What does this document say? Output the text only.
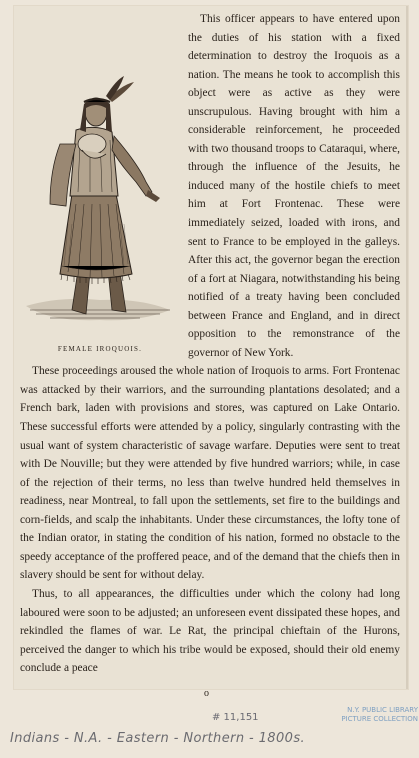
FEMALE IROQUOIS.

This officer appears to have entered upon the duties of his station with a fixed determination to destroy the Iroquois as a nation. The means he took to accomplish this object were as active as they were unscrupulous. Having brought with him a considerable reinforcement, he proceeded with two thousand troops to Cataraqui, where, through the influence of the Jesuits, he induced many of the hostile chiefs to meet him at Fort Frontenac. These were immediately seized, loaded with irons, and sent to France to be employed in the galleys. After this act, the governor began the erection of a fort at Niagara, notwithstanding his being notified of a treaty having been concluded between France and England, and in direct opposition to the remonstrance of the governor of New York.

These proceedings aroused the whole nation of Iroquois to arms. Fort Frontenac was attacked by their warriors, and the surrounding plantations desolated; and a French bark, laden with provisions and stores, was captured on Lake Ontario. These successful efforts were attended by a policy, singularly contrasting with the usual want of system characteristic of savage warfare. Deputies were sent to treat with De Nouville; but they were attended by five hundred warriors; while, in case of the rejection of their terms, no less than twelve hundred held themselves in readiness, near Montreal, to fall upon the settlements, set fire to the buildings and corn-fields, and scalp the inhabitants. Under these circumstances, the lofty tone of the Indian orator, in stating the condition of his nation, formed no obstacle to the speedy acceptance of the proffered peace, and of the demand that the chiefs then in slavery should be sent for without delay.

Thus, to all appearances, the difficulties under which the colony had long laboured were soon to be adjusted; an unforeseen event dissipated these hopes, and rekindled the flames of war. Le Rat, the principal chieftain of the Hurons, perceived the danger to which his tribe would be exposed, should their old enemy conclude a peace

o
# 11,151
N.Y. PUBLIC LIBRARY
PICTURE COLLECTION
Indians - N.A. - Eastern - Northern - 1800s.
